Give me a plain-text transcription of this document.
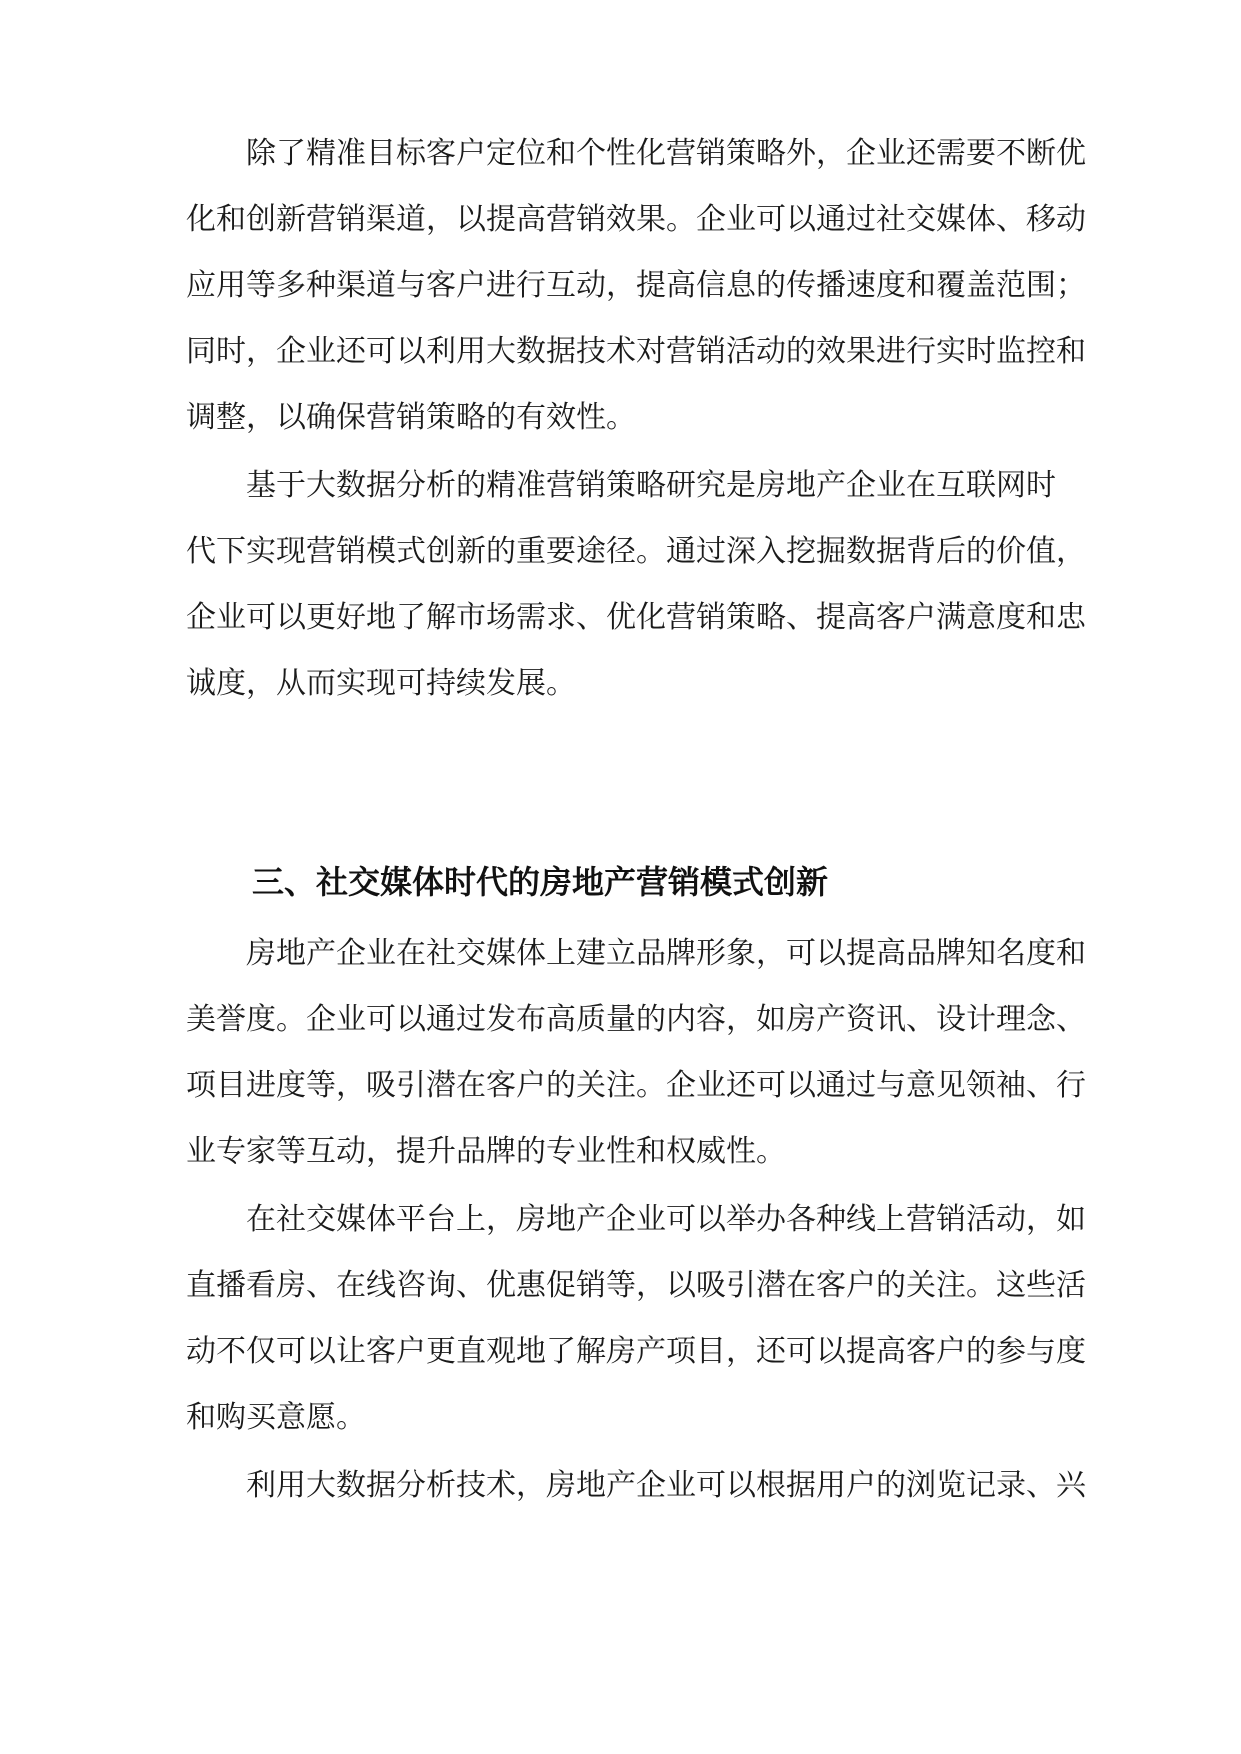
除了精准目标客户定位和个性化营销策略外，企业还需要不断优
化和创新营销渠道，以提高营销效果。企业可以通过社交媒体、移动
应用等多种渠道与客户进行互动，提高信息的传播速度和覆盖范围；
同时，企业还可以利用大数据技术对营销活动的效果进行实时监控和
调整，以确保营销策略的有效性。
基于大数据分析的精准营销策略研究是房地产企业在互联网时
代下实现营销模式创新的重要途径。通过深入挖掘数据背后的价值，
企业可以更好地了解市场需求、优化营销策略、提高客户满意度和忠
诚度，从而实现可持续发展。
三、社交媒体时代的房地产营销模式创新
房地产企业在社交媒体上建立品牌形象，可以提高品牌知名度和
美誉度。企业可以通过发布高质量的内容，如房产资讯、设计理念、
项目进度等，吸引潜在客户的关注。企业还可以通过与意见领袖、行
业专家等互动，提升品牌的专业性和权威性。
在社交媒体平台上，房地产企业可以举办各种线上营销活动，如
直播看房、在线咨询、优惠促销等，以吸引潜在客户的关注。这些活
动不仅可以让客户更直观地了解房产项目，还可以提高客户的参与度
和购买意愿。
利用大数据分析技术，房地产企业可以根据用户的浏览记录、兴
